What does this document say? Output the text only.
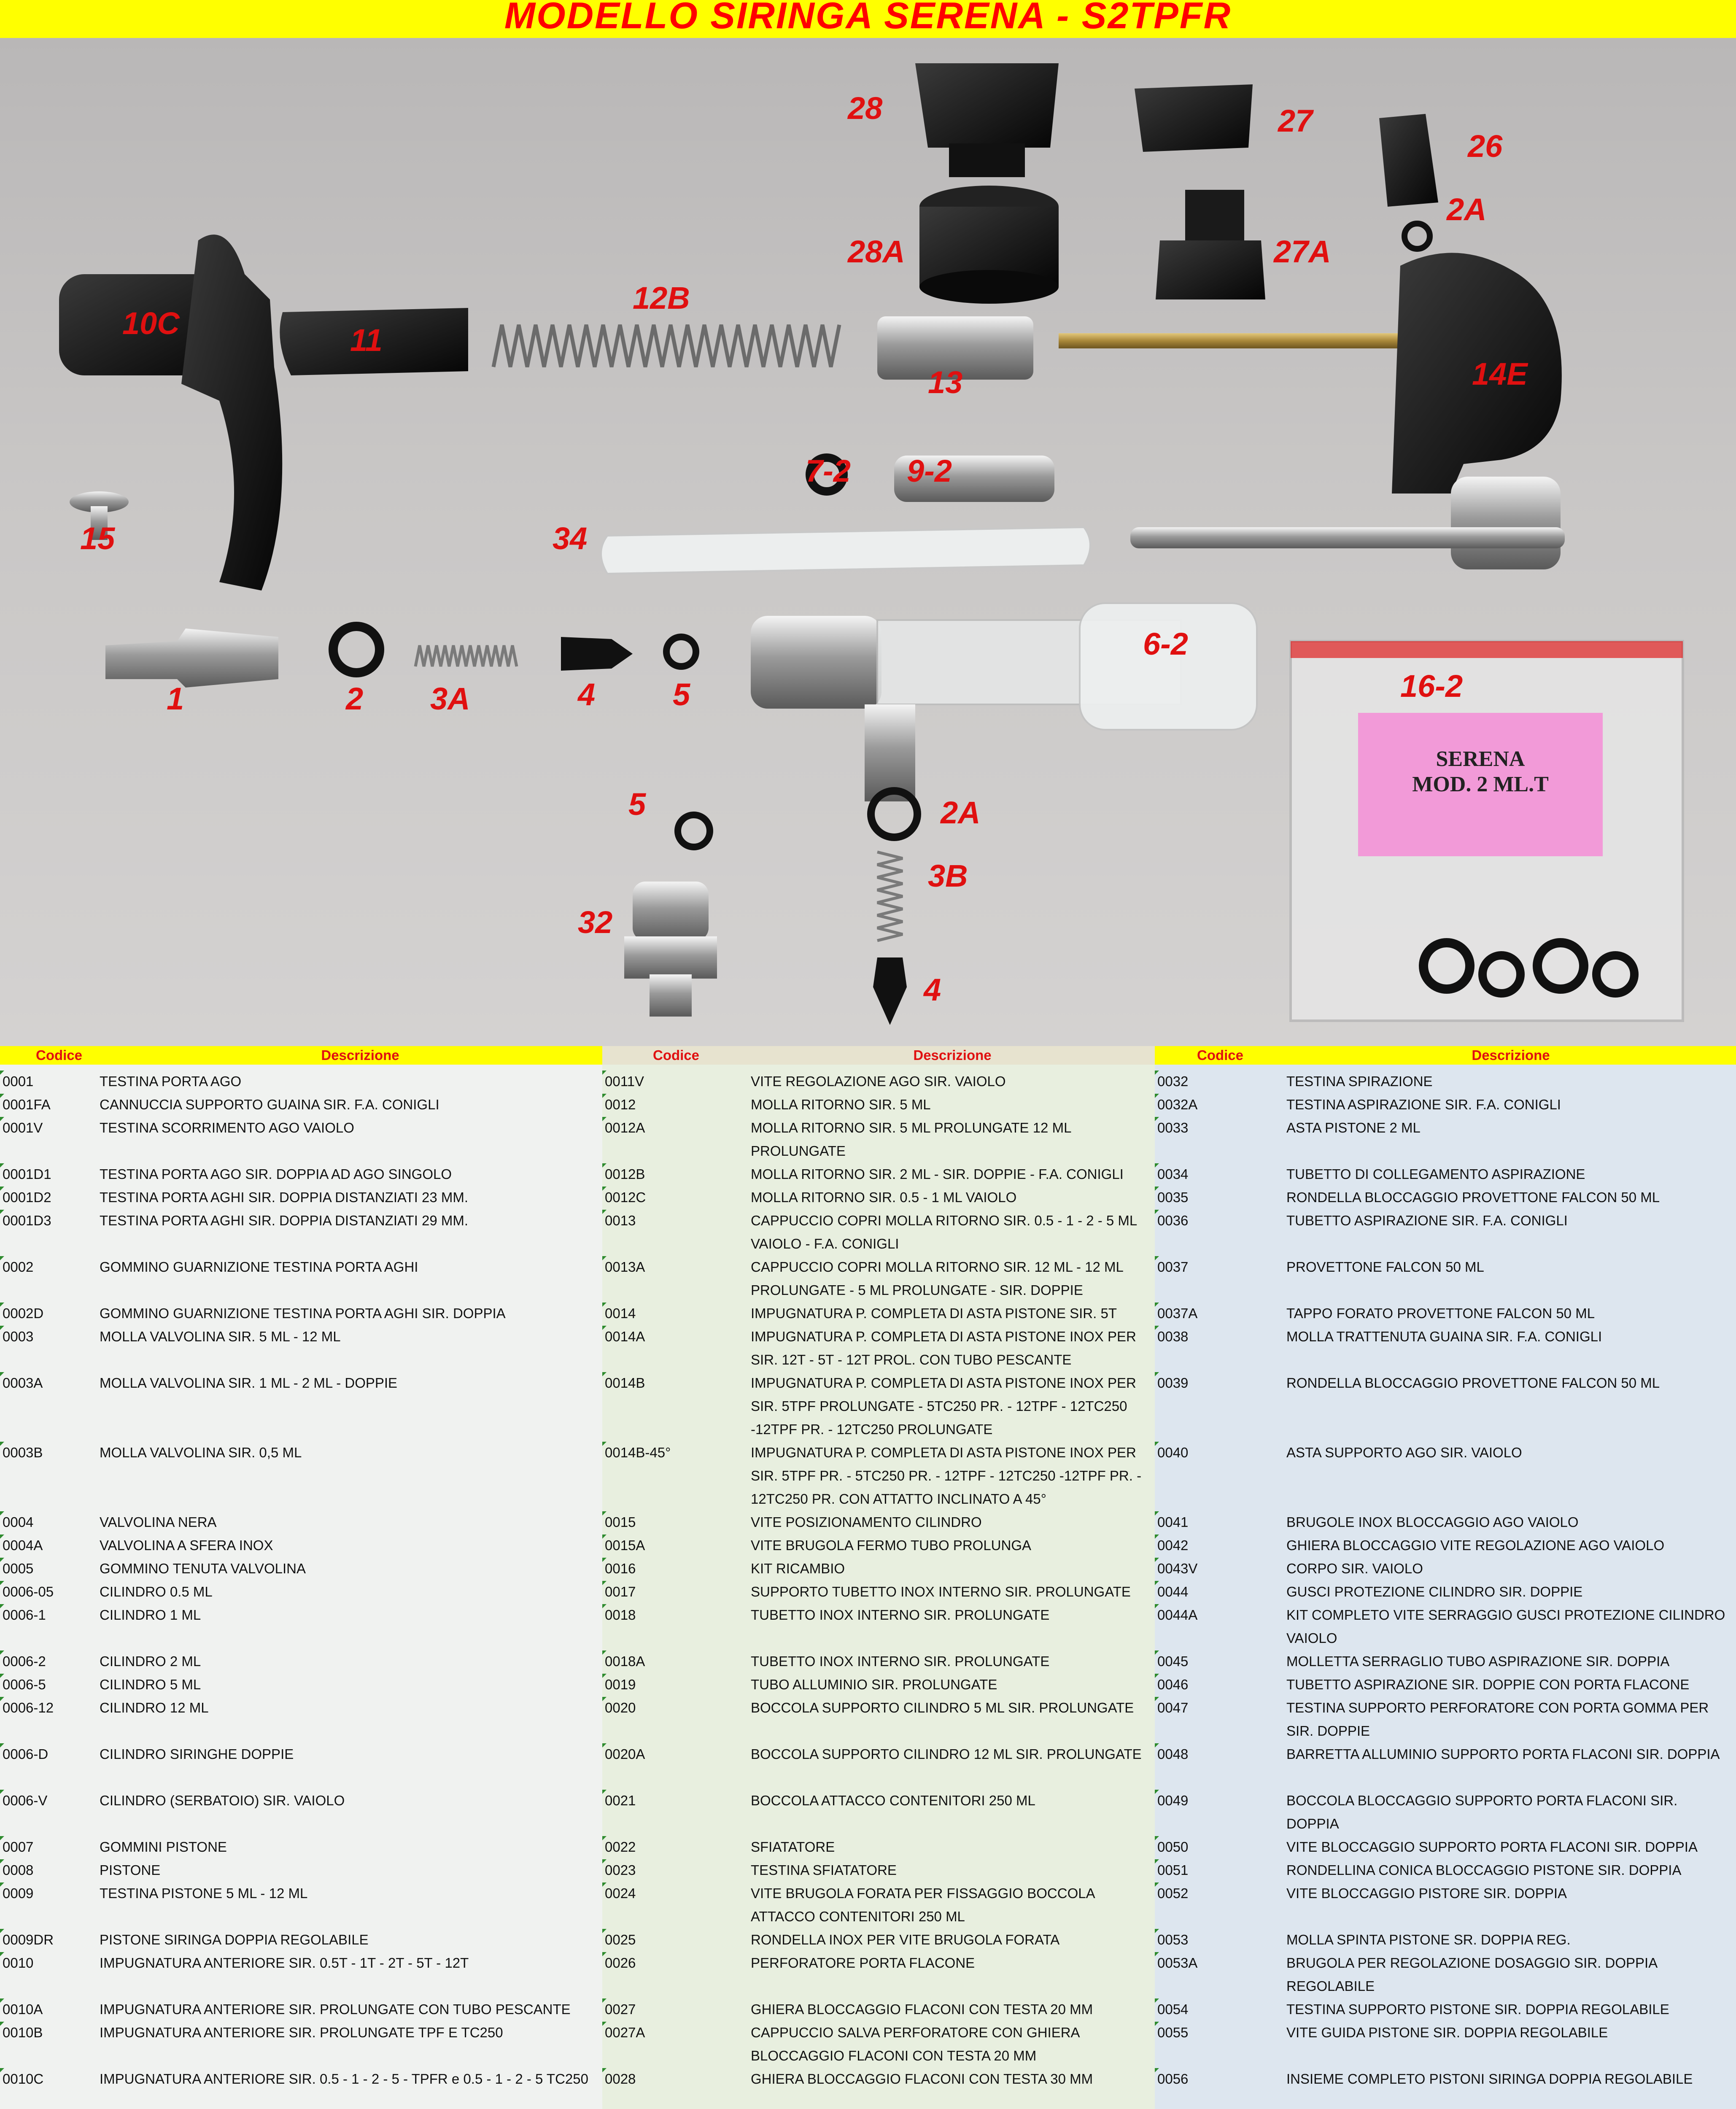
MODELLO SIRINGA SERENA - S2TPFR
28	27
26
2A
28A	27A
10C	11
12B
13	14E
7-2 9-2
15	34
1	2 3A	4 5
6-2
16-2
5	2A
3B
32
4
SERENA
MOD. 2 ML.T
Codice	Descrizione
0001	TESTINA PORTA AGO
0001FA	CANNUCCIA SUPPORTO GUAINA SIR. F.A. CONIGLI
0001V	TESTINA SCORRIMENTO AGO VAIOLO
0001D1	TESTINA PORTA AGO SIR. DOPPIA AD AGO SINGOLO
0001D2	TESTINA PORTA AGHI SIR. DOPPIA DISTANZIATI 23 MM.
0001D3	TESTINA PORTA AGHI SIR. DOPPIA DISTANZIATI 29 MM.
0002	GOMMINO GUARNIZIONE TESTINA PORTA AGHI
0002D	GOMMINO GUARNIZIONE TESTINA PORTA AGHI SIR. DOPPIA
0003	MOLLA VALVOLINA SIR. 5 ML - 12 ML
0003A	MOLLA VALVOLINA SIR. 1 ML - 2 ML - DOPPIE
0003B	MOLLA VALVOLINA SIR. 0,5 ML
0004	VALVOLINA NERA
0004A	VALVOLINA A SFERA INOX
0005	GOMMINO TENUTA VALVOLINA
0006-05	CILINDRO 0.5 ML
0006-1	CILINDRO 1 ML
0006-2	CILINDRO 2 ML
0006-5	CILINDRO 5 ML
0006-12	CILINDRO 12 ML
0006-D	CILINDRO SIRINGHE DOPPIE
0006-V	CILINDRO (SERBATOIO) SIR. VAIOLO
0007	GOMMINI PISTONE
0008	PISTONE
0009	TESTINA PISTONE 5 ML - 12 ML
0009DR	PISTONE SIRINGA DOPPIA REGOLABILE
0010	IMPUGNATURA ANTERIORE SIR. 0.5T - 1T - 2T - 5T - 12T
0010A	IMPUGNATURA ANTERIORE SIR. PROLUNGATE CON TUBO PESCANTE
0010B	IMPUGNATURA ANTERIORE SIR. PROLUNGATE TPF E TC250
0010C	IMPUGNATURA ANTERIORE SIR. 0.5 - 1 - 2 - 5 - TPFR e 0.5 - 1 - 2 - 5 TC250
Codice	Descrizione
0011V	VITE REGOLAZIONE AGO SIR. VAIOLO
0012	MOLLA RITORNO SIR. 5 ML
0012A	MOLLA RITORNO SIR. 5 ML PROLUNGATE 12 ML PROLUNGATE
0012B	MOLLA RITORNO SIR. 2 ML - SIR. DOPPIE - F.A. CONIGLI
0012C	MOLLA RITORNO SIR. 0.5 - 1 ML VAIOLO
0013	CAPPUCCIO COPRI MOLLA RITORNO SIR. 0.5 - 1 - 2 - 5 ML VAIOLO - F.A. CONIGLI
0013A	CAPPUCCIO COPRI MOLLA RITORNO SIR. 12 ML - 12 ML PROLUNGATE - 5 ML PROLUNGATE - SIR. DOPPIE
0014	IMPUGNATURA P. COMPLETA DI ASTA PISTONE SIR. 5T
0014A	IMPUGNATURA P. COMPLETA DI ASTA PISTONE INOX PER SIR. 12T - 5T - 12T PROL. CON TUBO PESCANTE
0014B	IMPUGNATURA P. COMPLETA DI ASTA PISTONE INOX PER SIR. 5TPF PROLUNGATE - 5TC250 PR. - 12TPF - 12TC250 -12TPF PR. - 12TC250 PROLUNGATE
0014B-45°	IMPUGNATURA P. COMPLETA DI ASTA PISTONE INOX PER SIR. 5TPF PR. - 5TC250 PR. - 12TPF - 12TC250 -12TPF PR. - 12TC250 PR. CON ATTATTO INCLINATO A 45°
0015	VITE POSIZIONAMENTO CILINDRO
0015A	VITE BRUGOLA FERMO TUBO PROLUNGA
0016	KIT RICAMBIO
0017	SUPPORTO TUBETTO INOX INTERNO SIR. PROLUNGATE
0018	TUBETTO INOX INTERNO SIR. PROLUNGATE
0018A	TUBETTO INOX INTERNO SIR. PROLUNGATE
0019	TUBO ALLUMINIO SIR. PROLUNGATE
0020	BOCCOLA SUPPORTO CILINDRO 5 ML SIR. PROLUNGATE
0020A	BOCCOLA SUPPORTO CILINDRO 12 ML SIR. PROLUNGATE
0021	BOCCOLA ATTACCO CONTENITORI 250 ML
0022	SFIATATORE
0023	TESTINA SFIATATORE
0024	VITE BRUGOLA FORATA PER FISSAGGIO BOCCOLA ATTACCO CONTENITORI 250 ML
0025	RONDELLA INOX PER VITE BRUGOLA FORATA
0026	PERFORATORE PORTA FLACONE
0027	GHIERA BLOCCAGGIO FLACONI CON TESTA 20 MM
0027A	CAPPUCCIO SALVA PERFORATORE CON GHIERA BLOCCAGGIO FLACONI CON TESTA 20 MM
0028	GHIERA BLOCCAGGIO FLACONI CON TESTA 30 MM
Codice	Descrizione
0032	TESTINA SPIRAZIONE
0032A	TESTINA ASPIRAZIONE SIR. F.A. CONIGLI
0033	ASTA PISTONE 2 ML
0034	TUBETTO DI COLLEGAMENTO ASPIRAZIONE
0035	RONDELLA BLOCCAGGIO PROVETTONE FALCON 50 ML
0036	TUBETTO ASPIRAZIONE SIR. F.A. CONIGLI
0037	PROVETTONE FALCON 50 ML
0037A	TAPPO FORATO PROVETTONE FALCON 50 ML
0038	MOLLA TRATTENUTA GUAINA SIR. F.A. CONIGLI
0039	RONDELLA BLOCCAGGIO PROVETTONE FALCON 50 ML
0040	ASTA SUPPORTO AGO SIR. VAIOLO
0041	BRUGOLE INOX BLOCCAGGIO AGO VAIOLO
0042	GHIERA BLOCCAGGIO VITE REGOLAZIONE AGO VAIOLO
0043V	CORPO SIR. VAIOLO
0044	GUSCI PROTEZIONE CILINDRO SIR. DOPPIE
0044A	KIT COMPLETO VITE SERRAGGIO GUSCI PROTEZIONE CILINDRO VAIOLO
0045	MOLLETTA SERRAGLIO TUBO ASPIRAZIONE SIR. DOPPIA
0046	TUBETTO ASPIRAZIONE SIR. DOPPIE CON PORTA FLACONE
0047	TESTINA SUPPORTO PERFORATORE CON PORTA GOMMA PER SIR. DOPPIE
0048	BARRETTA ALLUMINIO SUPPORTO PORTA FLACONI SIR. DOPPIA
0049	BOCCOLA BLOCCAGGIO SUPPORTO PORTA FLACONI SIR. DOPPIA
0050	VITE BLOCCAGGIO SUPPORTO PORTA FLACONI SIR. DOPPIA
0051	RONDELLINA CONICA BLOCCAGGIO PISTONE SIR. DOPPIA
0052	VITE BLOCCAGGIO PISTORE SIR. DOPPIA
0053	MOLLA SPINTA PISTONE SR. DOPPIA REG.
0053A	BRUGOLA PER REGOLAZIONE DOSAGGIO SIR. DOPPIA REGOLABILE
0054	TESTINA SUPPORTO PISTONE SIR. DOPPIA REGOLABILE
0055	VITE GUIDA PISTONE SIR. DOPPIA REGOLABILE
0056	INSIEME COMPLETO PISTONI SIRINGA DOPPIA REGOLABILE
